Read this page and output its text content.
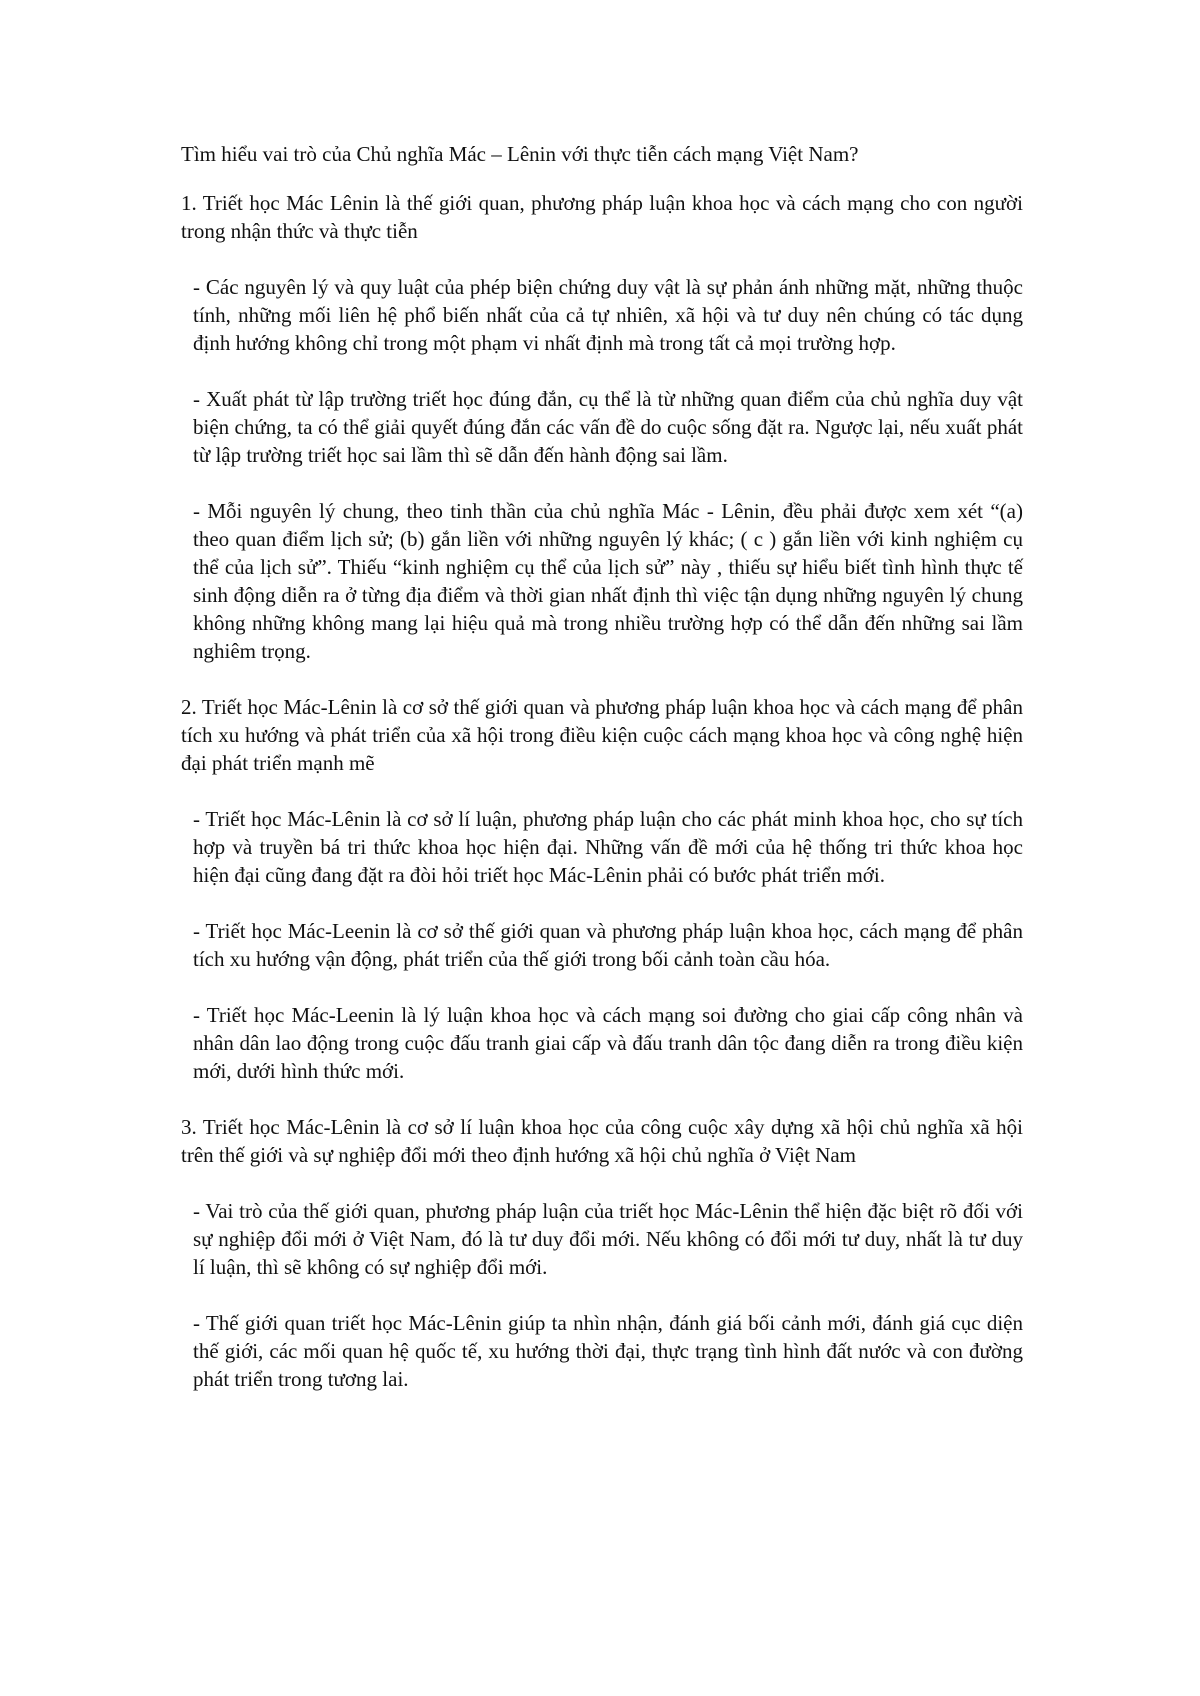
Tìm hiểu vai trò của Chủ nghĩa Mác – Lênin với thực tiễn cách mạng Việt Nam?

1. Triết học Mác Lênin là thế giới quan, phương pháp luận khoa học và cách mạng cho con người trong nhận thức và thực tiễn

- Các nguyên lý và quy luật của phép biện chứng duy vật là sự phản ánh những mặt, những thuộc tính, những mối liên hệ phổ biến nhất của cả tự nhiên, xã hội và tư duy nên chúng có tác dụng định hướng không chỉ trong một phạm vi nhất định mà trong tất cả mọi trường hợp.

- Xuất phát từ lập trường triết học đúng đắn, cụ thể là từ những quan điểm của chủ nghĩa duy vật biện chứng, ta có thể giải quyết đúng đắn các vấn đề do cuộc sống đặt ra. Ngược lại, nếu xuất phát từ lập trường triết học sai lầm thì sẽ dẫn đến hành động sai lầm.

- Mỗi nguyên lý chung, theo tinh thần của chủ nghĩa Mác - Lênin, đều phải được xem xét “(a) theo quan điểm lịch sử; (b) gắn liền với những nguyên lý khác; ( c ) gắn liền với kinh nghiệm cụ thể của lịch sử”. Thiếu “kinh nghiệm cụ thể của lịch sử” này , thiếu sự hiểu biết tình hình thực tế sinh động diễn ra ở từng địa điểm và thời gian nhất định thì việc tận dụng những nguyên lý chung không những không mang lại hiệu quả mà trong nhiều trường hợp có thể dẫn đến những sai lầm nghiêm trọng.

2. Triết học Mác-Lênin là cơ sở thế giới quan và phương pháp luận khoa học và cách mạng để phân tích xu hướng và phát triển của xã hội trong điều kiện cuộc cách mạng khoa học và công nghệ hiện đại phát triển mạnh mẽ

- Triết học Mác-Lênin là cơ sở lí luận, phương pháp luận cho các phát minh khoa học, cho sự tích hợp và truyền bá tri thức khoa học hiện đại. Những vấn đề mới của hệ thống tri thức khoa học hiện đại cũng đang đặt ra đòi hỏi triết học Mác-Lênin phải có bước phát triển mới.

- Triết học Mác-Leenin là cơ sở thế giới quan và phương pháp luận khoa học, cách mạng để phân tích xu hướng vận động, phát triển của thế giới trong bối cảnh toàn cầu hóa.

- Triết học Mác-Leenin là lý luận khoa học và cách mạng soi đường cho giai cấp công nhân và nhân dân lao động trong cuộc đấu tranh giai cấp và đấu tranh dân tộc đang diễn ra trong điều kiện mới, dưới hình thức mới.

3. Triết học Mác-Lênin là cơ sở lí luận khoa học của công cuộc xây dựng xã hội chủ nghĩa xã hội trên thế giới và sự nghiệp đổi mới theo định hướng xã hội chủ nghĩa ở Việt Nam

- Vai trò của thế giới quan, phương pháp luận của triết học Mác-Lênin thể hiện đặc biệt rõ đối với sự nghiệp đổi mới ở Việt Nam, đó là tư duy đổi mới. Nếu không có đổi mới tư duy, nhất là tư duy lí luận, thì sẽ không có sự nghiệp đổi mới.

- Thế giới quan triết học Mác-Lênin giúp ta nhìn nhận, đánh giá bối cảnh mới, đánh giá cục diện thế giới, các mối quan hệ quốc tế, xu hướng thời đại, thực trạng tình hình đất nước và con đường phát triển trong tương lai.
